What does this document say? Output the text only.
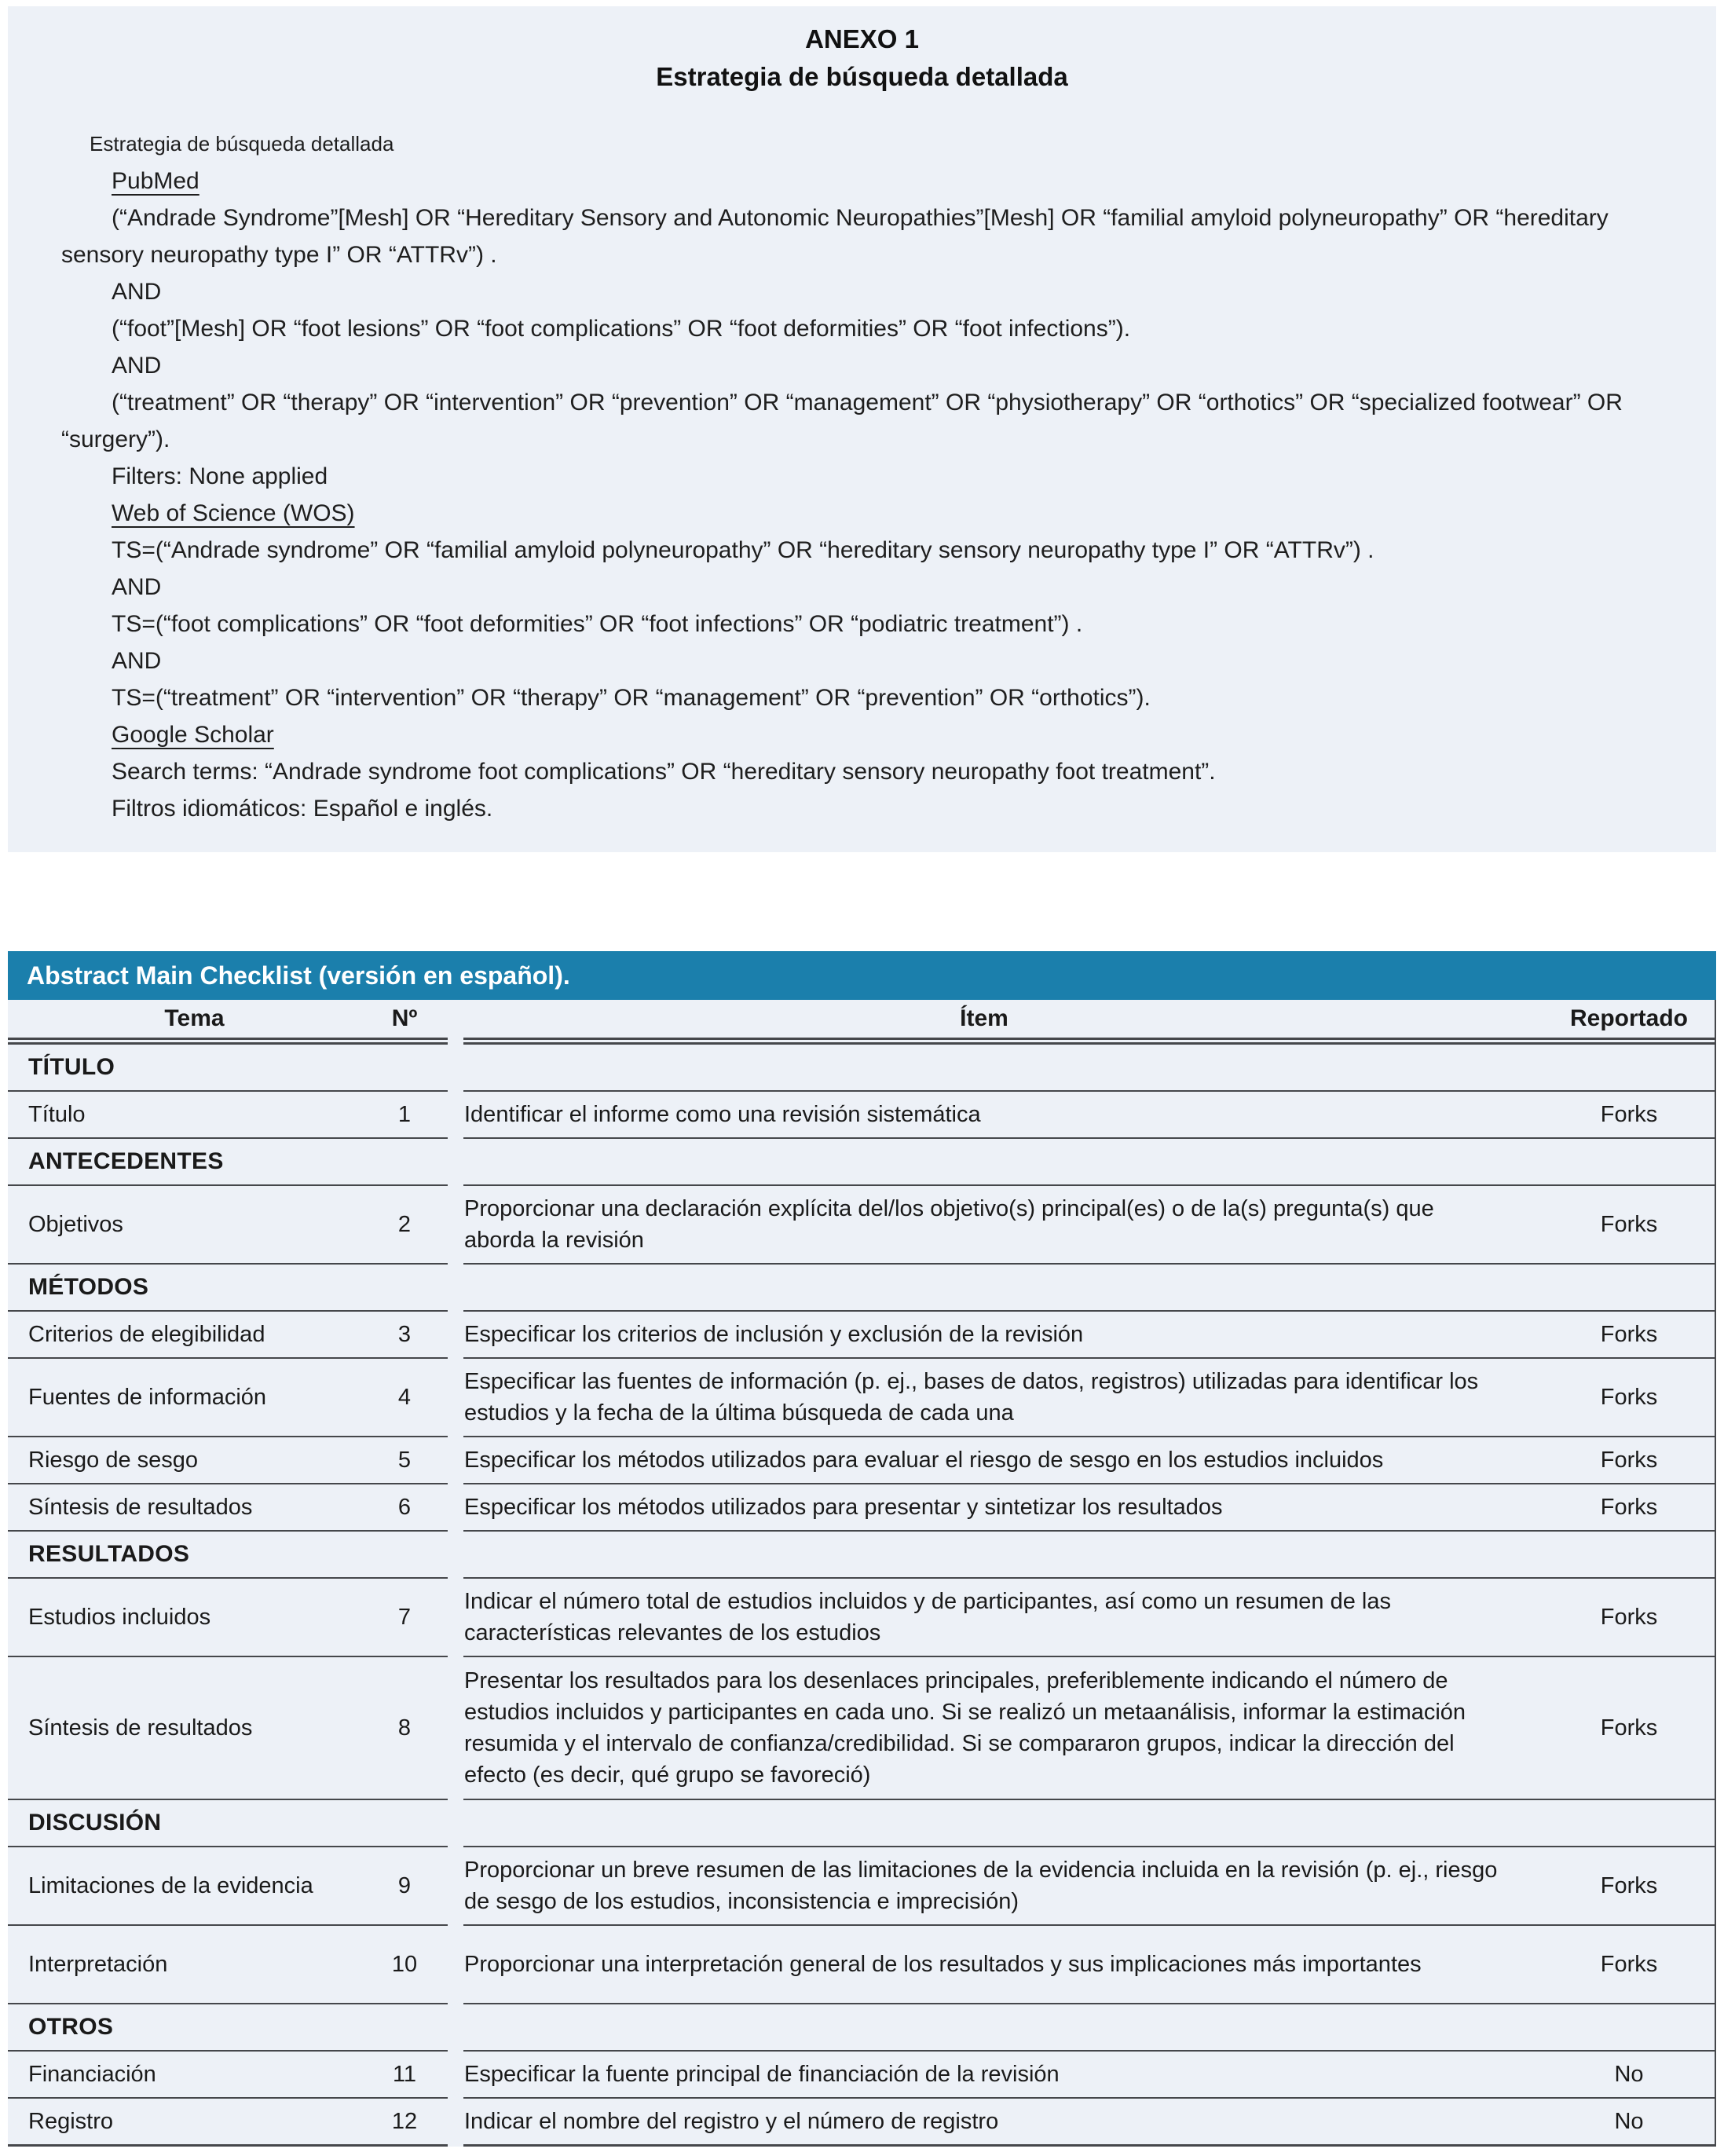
ANEXO 1
Estrategia de búsqueda detallada

Estrategia de búsqueda detallada

PubMed

(“Andrade Syndrome”[Mesh] OR “Hereditary Sensory and Autonomic Neuropathies”[Mesh] OR “familial amyloid polyneuropathy” OR “hereditary sensory neuropathy type I” OR “ATTRv”) .

AND

(“foot”[Mesh] OR “foot lesions” OR “foot complications” OR “foot deformities” OR “foot infections”).

AND

(“treatment” OR “therapy” OR “intervention” OR “prevention” OR “management” OR “physiotherapy” OR “orthotics” OR “specialized footwear” OR “surgery”).

Filters: None applied

Web of Science (WOS)

TS=(“Andrade syndrome” OR “familial amyloid polyneuropathy” OR “hereditary sensory neuropathy type I” OR “ATTRv”) .

AND

TS=(“foot complications” OR “foot deformities” OR “foot infections” OR “podiatric treatment”) .

AND

TS=(“treatment” OR “intervention” OR “therapy” OR “management” OR “prevention” OR “orthotics”).

Google Scholar

Search terms: “Andrade syndrome foot complications” OR “hereditary sensory neuropathy foot treatment”.

Filtros idiomáticos: Español e inglés.

Abstract Main Checklist (versión en español).
Tema	Nº		Ítem	Reportado
TÍTULO				
Título	1		Identificar el informe como una revisión sistemática	Forks
ANTECEDENTES				
Objetivos	2		Proporcionar una declaración explícita del/los objetivo(s) principal(es) o de la(s) pregunta(s) que aborda la revisión	Forks
MÉTODOS				
Criterios de elegibilidad	3		Especificar los criterios de inclusión y exclusión de la revisión	Forks
Fuentes de información	4		Especificar las fuentes de información (p. ej., bases de datos, registros) utilizadas para identificar los estudios y la fecha de la última búsqueda de cada una	Forks
Riesgo de sesgo	5		Especificar los métodos utilizados para evaluar el riesgo de sesgo en los estudios incluidos	Forks
Síntesis de resultados	6		Especificar los métodos utilizados para presentar y sintetizar los resultados	Forks
RESULTADOS				
Estudios incluidos	7		Indicar el número total de estudios incluidos y de participantes, así como un resumen de las características relevantes de los estudios	Forks
Síntesis de resultados	8		Presentar los resultados para los desenlaces principales, preferiblemente indicando el número de estudios incluidos y participantes en cada uno. Si se realizó un metaanálisis, informar la estimación resumida y el intervalo de confianza/credibilidad. Si se compararon grupos, indicar la dirección del efecto (es decir, qué grupo se favoreció)	Forks
DISCUSIÓN				
Limitaciones de la evidencia	9		Proporcionar un breve resumen de las limitaciones de la evidencia incluida en la revisión (p. ej., riesgo de sesgo de los estudios, inconsistencia e imprecisión)	Forks
Interpretación	10		Proporcionar una interpretación general de los resultados y sus implicaciones más importantes	Forks
OTROS				
Financiación	11		Especificar la fuente principal de financiación de la revisión	No
Registro	12		Indicar el nombre del registro y el número de registro	No
